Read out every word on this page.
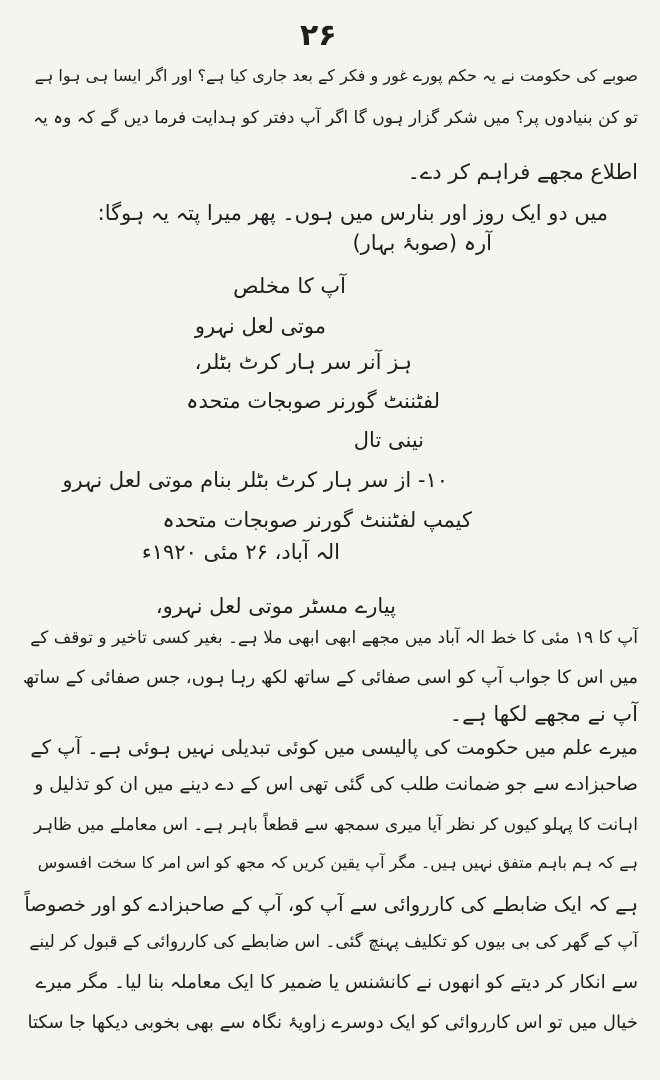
۲۶
صوبے کی حکومت نے یہ حکم پورے غور و فکر کے بعد جاری کیا ہے؟ اور اگر ایسا ہی ہوا ہے
تو کن بنیادوں پر؟ میں شکر گزار ہوں گا اگر آپ دفتر کو ہدایت فرما دیں گے کہ وہ یہ
اطلاع مجھے فراہم کر دے۔
میں دو ایک روز اور بنارس میں ہوں۔ پھر میرا پتہ یہ ہوگا:
آرہ (صوبۂ بہار)
آپ کا مخلص
موتی لعل نہرو
ہز آنر سر ہار کرٹ بٹلر،
لفٹننٹ گورنر صوبجات متحدہ
نینی تال
۱۰- از سر ہار کرٹ بٹلر بنام موتی لعل نہرو
کیمپ لفٹننٹ گورنر صوبجات متحدہ
الہ آباد، ۲۶ مئی ۱۹۲۰ء
پیارے مسٹر موتی لعل نہرو،
آپ کا ۱۹ مئی کا خط الہ آباد میں مجھے ابھی ابھی ملا ہے۔ بغیر کسی تاخیر و توقف کے
میں اس کا جواب آپ کو اسی صفائی کے ساتھ لکھ رہا ہوں، جس صفائی کے ساتھ
آپ نے مجھے لکھا ہے۔
میرے علم میں حکومت کی پالیسی میں کوئی تبدیلی نہیں ہوئی ہے۔ آپ کے
صاحبزادے سے جو ضمانت طلب کی گئی تھی اس کے دے دینے میں ان کو تذلیل و
اہانت کا پہلو کیوں کر نظر آیا میری سمجھ سے قطعاً باہر ہے۔ اس معاملے میں ظاہر
ہے کہ ہم باہم متفق نہیں ہیں۔ مگر آپ یقین کریں کہ مجھ کو اس امر کا سخت افسوس
ہے کہ ایک ضابطے کی کارروائی سے آپ کو، آپ کے صاحبزادے کو اور خصوصاً
آپ کے گھر کی بی بیوں کو تکلیف پہنچ گئی۔ اس ضابطے کی کارروائی کے قبول کر لینے
سے انکار کر دیتے کو انھوں نے کانشنس یا ضمیر کا ایک معاملہ بنا لیا۔ مگر میرے
خیال میں تو اس کارروائی کو ایک دوسرے زاویۂ نگاہ سے بھی بخوبی دیکھا جا سکتا
